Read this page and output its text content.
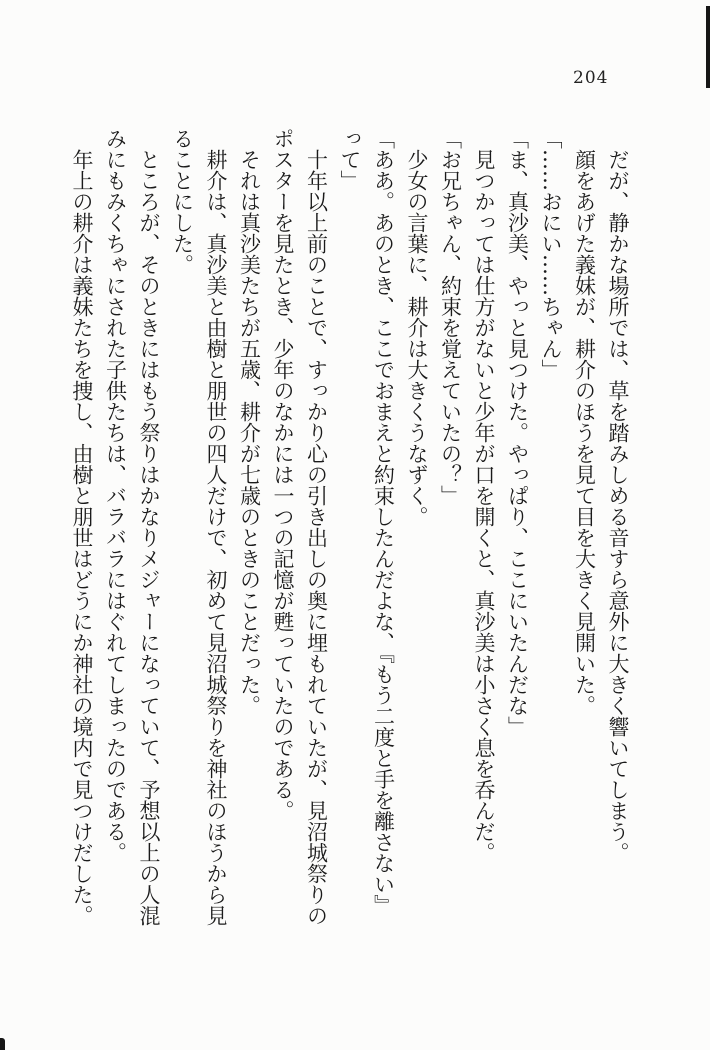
204

だが、静かな場所では、草を踏みしめる音すら意外に大きく響いてしまう。

顔をあげた義妹が、耕介のほうを見て目を大きく見開いた。

「……おにい……ちゃん」

「ま、真沙美、やっと見つけた。やっぱり、ここにいたんだな」

見つかっては仕方がないと少年が口を開くと、真沙美は小さく息を呑んだ。

「お兄ちゃん、約束を覚えていたの？」

少女の言葉に、耕介は大きくうなずく。

「ああ。あのとき、ここでおまえと約束したんだよな、『もう二度と手を離さない』って」

十年以上前のことで、すっかり心の引き出しの奥に埋もれていたが、見沼城祭りのポスターを見たとき、少年のなかには一つの記憶が甦っていたのである。

それは真沙美たちが五歳、耕介が七歳のときのことだった。

耕介は、真沙美と由樹と朋世の四人だけで、初めて見沼城祭りを神社のほうから見ることにした。

ところが、そのときにはもう祭りはかなりメジャーになっていて、予想以上の人混みにもみくちゃにされた子供たちは、バラバラにはぐれてしまったのである。

年上の耕介は義妹たちを捜し、由樹と朋世はどうにか神社の境内で見つけだした。
